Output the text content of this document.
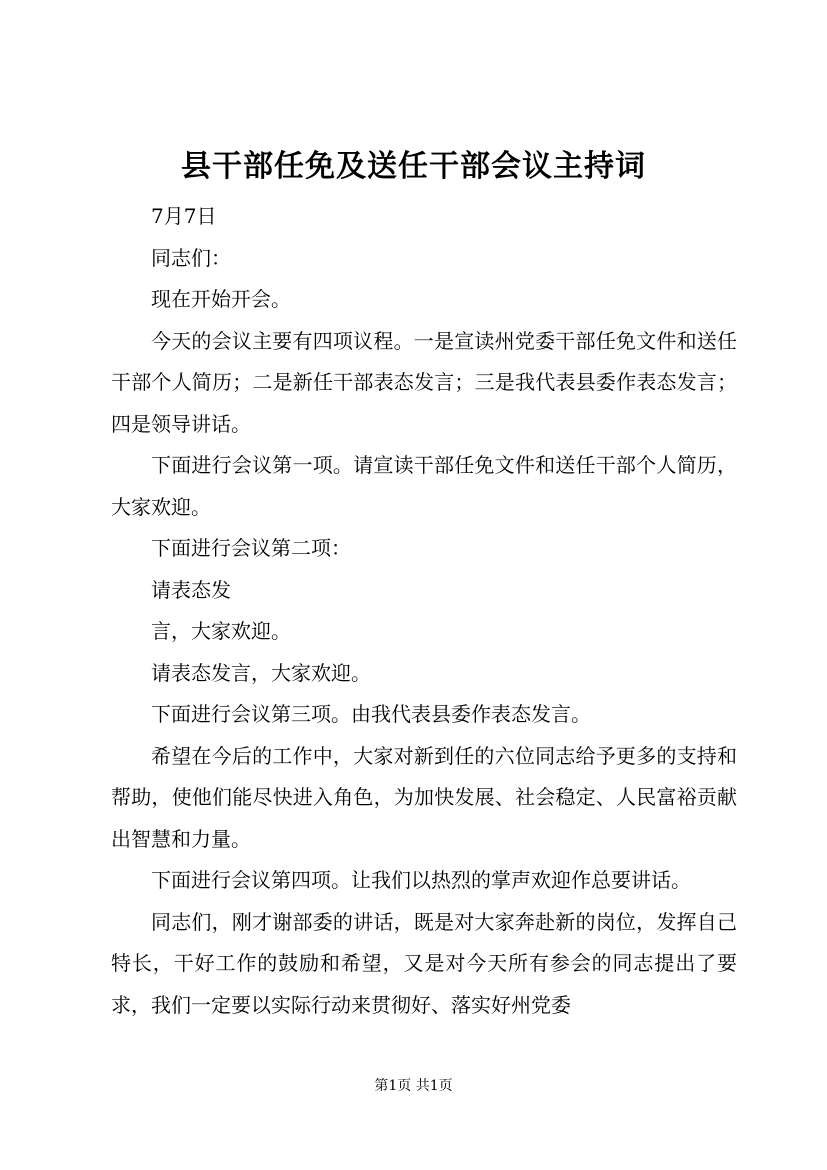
县干部任免及送任干部会议主持词

7月7日

同志们：

现在开始开会。

今天的会议主要有四项议程。一是宣读州党委干部任免文件和送任干部个人简历；二是新任干部表态发言；三是我代表县委作表态发言；四是领导讲话。

下面进行会议第一项。请宣读干部任免文件和送任干部个人简历，大家欢迎。

下面进行会议第二项：

请表态发

言，大家欢迎。

请表态发言，大家欢迎。

下面进行会议第三项。由我代表县委作表态发言。

希望在今后的工作中，大家对新到任的六位同志给予更多的支持和帮助，使他们能尽快进入角色，为加快发展、社会稳定、人民富裕贡献出智慧和力量。

下面进行会议第四项。让我们以热烈的掌声欢迎作总要讲话。

同志们，刚才谢部委的讲话，既是对大家奔赴新的岗位，发挥自己特长，干好工作的鼓励和希望，又是对今天所有参会的同志提出了要求，我们一定要以实际行动来贯彻好、落实好州党委

第1页 共1页
